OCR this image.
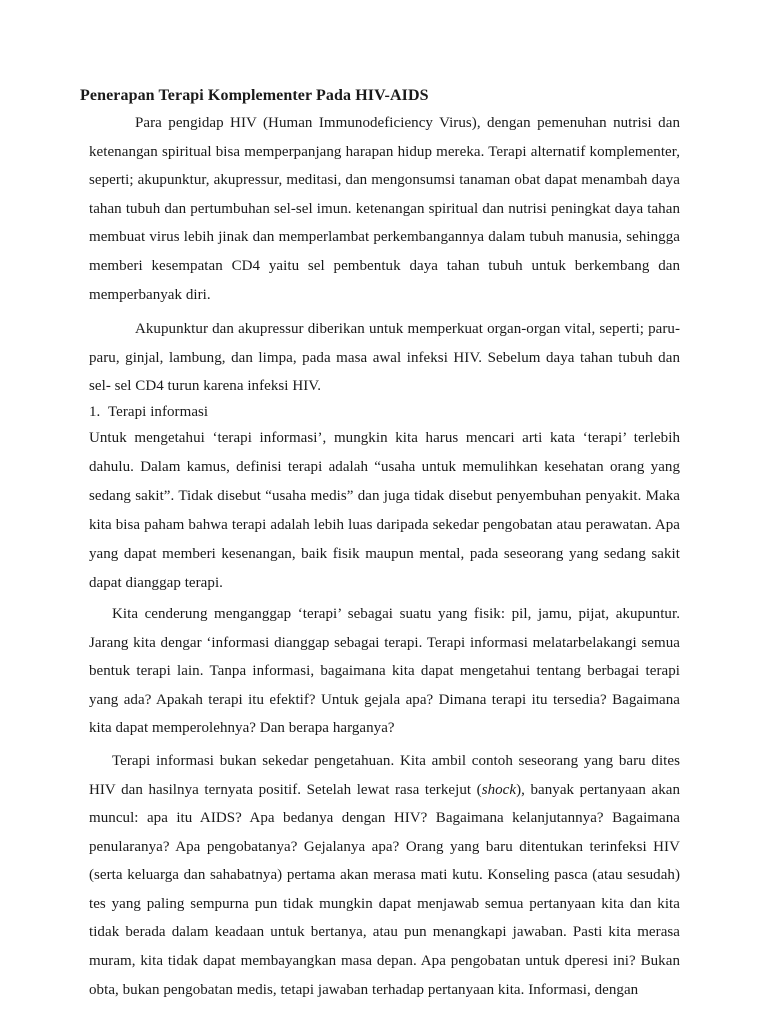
Penerapan Terapi Komplementer Pada HIV-AIDS

Para pengidap HIV (Human Immunodeficiency Virus), dengan pemenuhan nutrisi dan ketenangan spiritual bisa memperpanjang harapan hidup mereka. Terapi alternatif komplementer, seperti; akupunktur, akupressur, meditasi, dan mengonsumsi tanaman obat dapat menambah daya tahan tubuh dan pertumbuhan sel-sel imun. ketenangan spiritual dan nutrisi peningkat daya tahan membuat virus lebih jinak dan memperlambat perkembangannya dalam tubuh manusia, sehingga memberi kesempatan CD4 yaitu sel pembentuk daya tahan tubuh untuk berkembang dan memperbanyak diri.

Akupunktur dan akupressur diberikan untuk memperkuat organ-organ vital, seperti; paru-paru, ginjal, lambung, dan limpa, pada masa awal infeksi HIV. Sebelum daya tahan tubuh dan sel- sel CD4 turun karena infeksi HIV.

1. Terapi informasi

Untuk mengetahui ‘terapi informasi’, mungkin kita harus mencari arti kata ‘terapi’ terlebih dahulu. Dalam kamus, definisi terapi adalah “usaha untuk memulihkan kesehatan orang yang sedang sakit”. Tidak disebut “usaha medis” dan juga tidak disebut penyembuhan penyakit. Maka kita bisa paham bahwa terapi adalah lebih luas daripada sekedar pengobatan atau perawatan. Apa yang dapat memberi kesenangan, baik fisik maupun mental, pada seseorang yang sedang sakit dapat dianggap terapi.

Kita cenderung menganggap ‘terapi’ sebagai suatu yang fisik: pil, jamu, pijat, akupuntur. Jarang kita dengar ‘informasi dianggap sebagai terapi. Terapi informasi melatarbelakangi semua bentuk terapi lain. Tanpa informasi, bagaimana kita dapat mengetahui tentang berbagai terapi yang ada? Apakah terapi itu efektif? Untuk gejala apa? Dimana terapi itu tersedia? Bagaimana kita dapat memperolehnya? Dan berapa harganya?

Terapi informasi bukan sekedar pengetahuan. Kita ambil contoh seseorang yang baru dites HIV dan hasilnya ternyata positif. Setelah lewat rasa terkejut (shock), banyak pertanyaan akan muncul: apa itu AIDS? Apa bedanya dengan HIV? Bagaimana kelanjutannya? Bagaimana penularanya? Apa pengobatanya? Gejalanya apa? Orang yang baru ditentukan terinfeksi HIV (serta keluarga dan sahabatnya) pertama akan merasa mati kutu. Konseling pasca (atau sesudah) tes yang paling sempurna pun tidak mungkin dapat menjawab semua pertanyaan kita dan kita tidak berada dalam keadaan untuk bertanya, atau pun menangkapi jawaban. Pasti kita merasa muram, kita tidak dapat membayangkan masa depan. Apa pengobatan untuk dperesi ini? Bukan obta, bukan pengobatan medis, tetapi jawaban terhadap pertanyaan kita. Informasi, dengan
